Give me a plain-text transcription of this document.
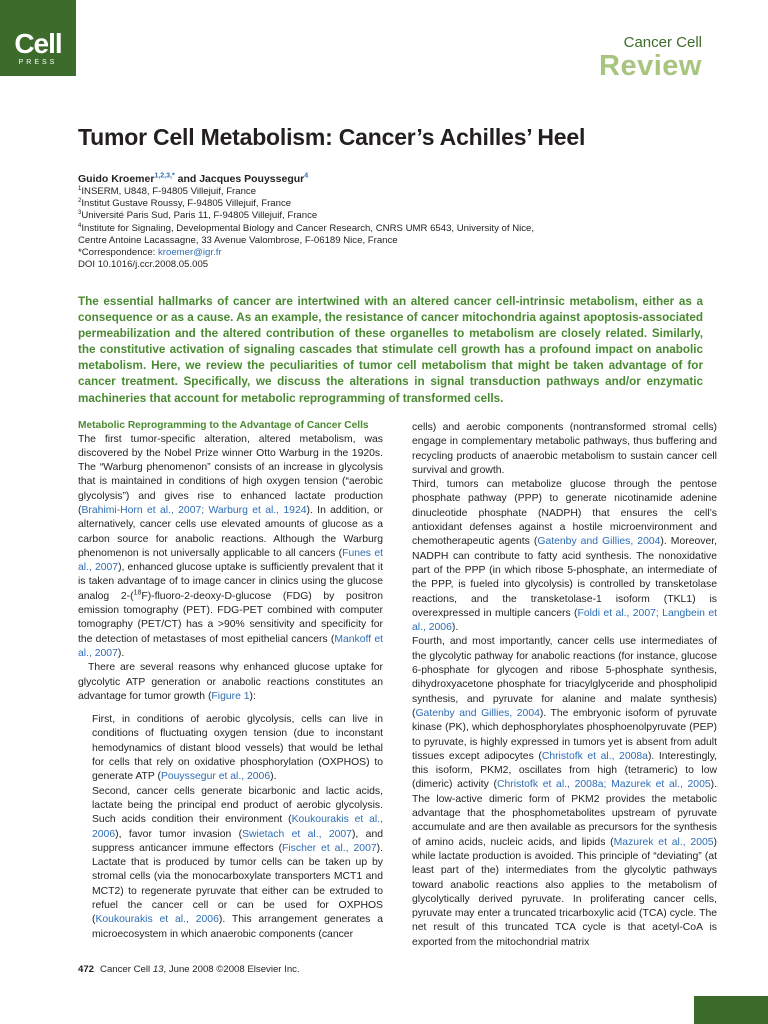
Cell
PRESS
Cancer Cell
Review
Tumor Cell Metabolism: Cancer’s Achilles’ Heel
Guido Kroemer$^{1,2,3,*}$ and Jacques Pouyssegur$^4$
$^1$INSERM, U848, F-94805 Villejuif, France
$^2$Institut Gustave Roussy, F-94805 Villejuif, France
$^3$Université Paris Sud, Paris 11, F-94805 Villejuif, France
$^4$Institute for Signaling, Developmental Biology and Cancer Research, CNRS UMR 6543, University of Nice,
Centre Antoine Lacassagne, 33 Avenue Valombrose, F-06189 Nice, France
*Correspondence: kroemer@igr.fr
DOI 10.1016/j.ccr.2008.05.005

The essential hallmarks of cancer are intertwined with an altered cancer cell-intrinsic metabolism, either as a consequence or as a cause. As an example, the resistance of cancer mitochondria against apoptosis-associated permeabilization and the altered contribution of these organelles to metabolism are closely related. Similarly, the constitutive activation of signaling cascades that stimulate cell growth has a profound impact on anabolic metabolism. Here, we review the peculiarities of tumor cell metabolism that might be taken advantage of for cancer treatment. Specifically, we discuss the alterations in signal transduction pathways and/or enzymatic machineries that account for metabolic reprogramming of transformed cells.

Metabolic Reprogramming to the Advantage of Cancer Cells

The first tumor-specific alteration, altered metabolism, was discovered by the Nobel Prize winner Otto Warburg in the 1920s. The “Warburg phenomenon” consists of an increase in glycolysis that is maintained in conditions of high oxygen tension (“aerobic glycolysis”) and gives rise to enhanced lactate production (Brahimi-Horn et al., 2007; Warburg et al., 1924). In addition, or alternatively, cancer cells use elevated amounts of glucose as a carbon source for anabolic reactions. Although the Warburg phenomenon is not universally applicable to all cancers (Funes et al., 2007), enhanced glucose uptake is sufficiently prevalent that it is taken advantage of to image cancer in clinics using the glucose analog 2-($^{18}$F)-fluoro-2-deoxy-D-glucose (FDG) by positron emission tomography (PET). FDG-PET combined with computer tomography (PET/CT) has a >90% sensitivity and specificity for the detection of metastases of most epithelial cancers (Mankoff et al., 2007).

There are several reasons why enhanced glucose uptake for glycolytic ATP generation or anabolic reactions constitutes an advantage for tumor growth (Figure 1):

First, in conditions of aerobic glycolysis, cells can live in conditions of fluctuating oxygen tension (due to inconstant hemodynamics of distant blood vessels) that would be lethal for cells that rely on oxidative phosphorylation (OXPHOS) to generate ATP (Pouyssegur et al., 2006).

Second, cancer cells generate bicarbonic and lactic acids, lactate being the principal end product of aerobic glycolysis. Such acids condition their environment (Koukourakis et al., 2006), favor tumor invasion (Swietach et al., 2007), and suppress anticancer immune effectors (Fischer et al., 2007). Lactate that is produced by tumor cells can be taken up by stromal cells (via the monocarboxylate transporters MCT1 and MCT2) to regenerate pyruvate that either can be extruded to refuel the cancer cell or can be used for OXPHOS (Koukourakis et al., 2006). This arrangement generates a microecosystem in which anaerobic components (cancer

cells) and aerobic components (nontransformed stromal cells) engage in complementary metabolic pathways, thus buffering and recycling products of anaerobic metabolism to sustain cancer cell survival and growth.

Third, tumors can metabolize glucose through the pentose phosphate pathway (PPP) to generate nicotinamide adenine dinucleotide phosphate (NADPH) that ensures the cell’s antioxidant defenses against a hostile microenvironment and chemotherapeutic agents (Gatenby and Gillies, 2004). Moreover, NADPH can contribute to fatty acid synthesis. The nonoxidative part of the PPP (in which ribose 5-phosphate, an intermediate of the PPP, is fueled into glycolysis) is controlled by transketolase reactions, and the transketolase-1 isoform (TKL1) is overexpressed in multiple cancers (Foldi et al., 2007; Langbein et al., 2006).

Fourth, and most importantly, cancer cells use intermediates of the glycolytic pathway for anabolic reactions (for instance, glucose 6-phosphate for glycogen and ribose 5-phosphate synthesis, dihydroxyacetone phosphate for triacylglyceride and phospholipid synthesis, and pyruvate for alanine and malate synthesis) (Gatenby and Gillies, 2004). The embryonic isoform of pyruvate kinase (PK), which dephosphorylates phosphoenolpyruvate (PEP) to pyruvate, is highly expressed in tumors yet is absent from adult tissues except adipocytes (Christofk et al., 2008a). Interestingly, this isoform, PKM2, oscillates from high (tetrameric) to low (dimeric) activity (Christofk et al., 2008a; Mazurek et al., 2005). The low-active dimeric form of PKM2 provides the metabolic advantage that the phosphometabolites upstream of pyruvate accumulate and are then available as precursors for the synthesis of amino acids, nucleic acids, and lipids (Mazurek et al., 2005) while lactate production is avoided. This principle of “deviating” (at least part of the) intermediates from the glycolytic pathways toward anabolic reactions also applies to the metabolism of glycolytically derived pyruvate. In proliferating cancer cells, pyruvate may enter a truncated tricarboxylic acid (TCA) cycle. The net result of this truncated TCA cycle is that acetyl-CoA is exported from the mitochondrial matrix

472 Cancer Cell 13, June 2008 ©2008 Elsevier Inc.
